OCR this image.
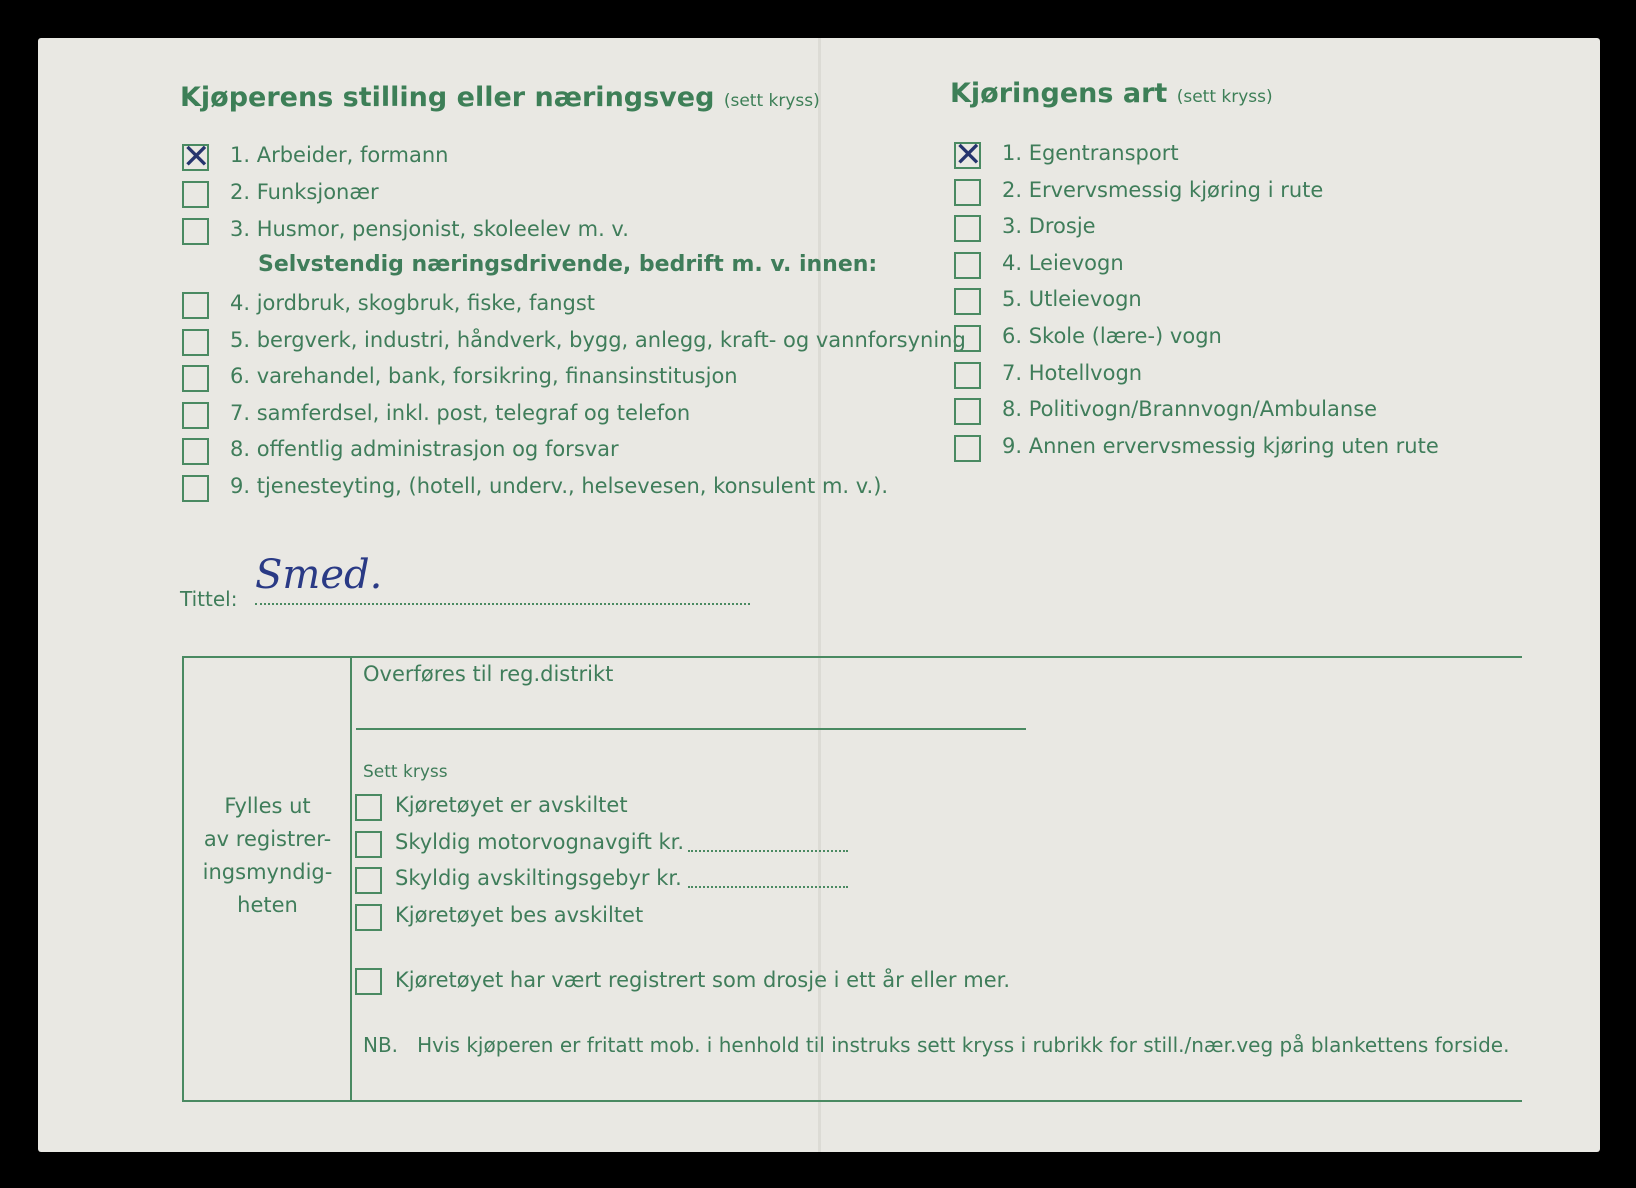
Kjøperens stilling eller næringsveg (sett kryss)
✕ 1. Arbeider, formann
2. Funksjonær
3. Husmor, pensjonist, skoleelev m. v.
Selvstendig næringsdrivende, bedrift m. v. innen:
4. jordbruk, skogbruk, fiske, fangst
5. bergverk, industri, håndverk, bygg, anlegg, kraft- og vannforsyning
6. varehandel, bank, forsikring, finansinstitusjon
7. samferdsel, inkl. post, telegraf og telefon
8. offentlig administrasjon og forsvar
9. tjenesteyting, (hotell, underv., helsevesen, konsulent m. v.).
Kjøringens art (sett kryss)
✕ 1. Egentransport
2. Ervervsmessig kjøring i rute
3. Drosje
4. Leievogn
5. Utleievogn
6. Skole (lære-) vogn
7. Hotellvogn
8. Politivogn/Brannvogn/Ambulanse
9. Annen ervervsmessig kjøring uten rute
Tittel:
Smed.
Fylles ut
av registrer-
ingsmyndig-
heten
Overføres til reg.distrikt
Sett kryss
Kjøretøyet er avskiltet
Skyldig motorvognavgift kr.
Skyldig avskiltingsgebyr kr.
Kjøretøyet bes avskiltet
Kjøretøyet har vært registrert som drosje i ett år eller mer.
NB. Hvis kjøperen er fritatt mob. i henhold til instruks sett kryss i rubrikk for still./nær.veg på blankettens forside.
